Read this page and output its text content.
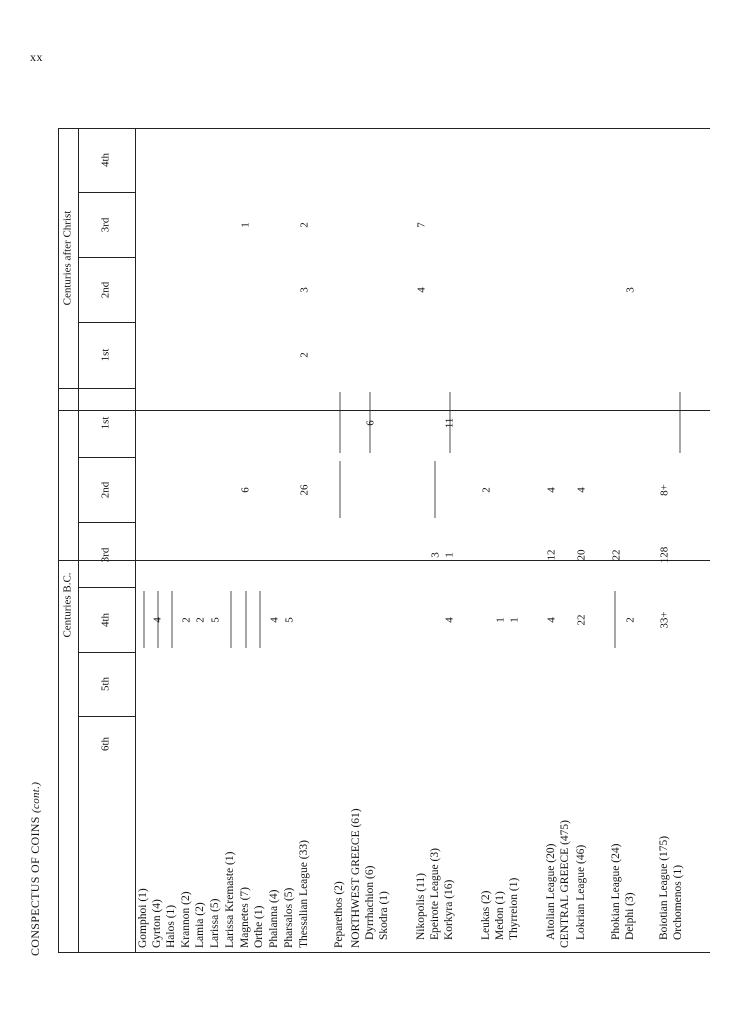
xx
CONSPECTUS OF COINS (cont.)
Centuries B.C.
Centuries after Christ
6th
5th
4th
3rd
2nd
1st
1st
2nd
3rd
4th
Gomphoi (1) Gyrton (4)
4
Halos (1) Krannon (2)
2
Lamia (2)
2
Larissa (5)
5
Larissa Kremaste (1) Magnetes (7)
6
1
Orthe (1) Phalanna (4)
4
Pharsalos (5)
5
Thessalian League (33)
26
2
3
2
Peparethos (2) NORTHWEST GREECE (61) Dyrrhachion (6)
6
Skodra (1) Nikopolis (11)
4
7
Epeirote League (3)
3
Korkyra (16)
4
1
11
Leukas (2)
2
Medon (1)
1
Thyrreion (1)
1
Aitolian League (20)
4
12
4
CENTRAL GREECE (475) Lokrian League (46)
22
20
4
Phokian League (24)
22
Delphi (3)
2
3
Boiotian League (175)
33+
128
8+
Orchomenos (1)
